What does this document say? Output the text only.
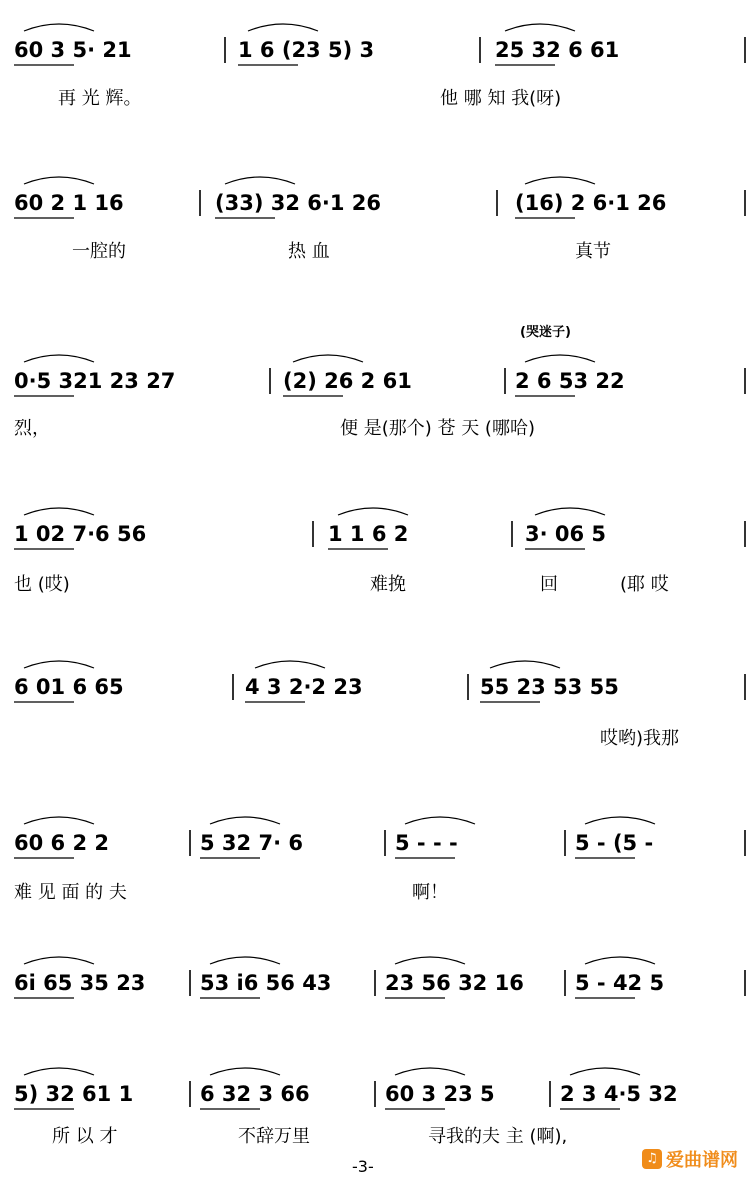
60 3 5· 21	1 6 (23 5) 3	25 32 6 61
再 光 辉。	他 哪 知 我(呀)
60 2 1 16	(33) 32 6·1 26	(16) 2 6·1 26
一腔的	热 血	真节
0·5 321 23 27	(2) 26 2 61	2 6 53 22
(哭迷子)
烈，	便 是(那个) 苍 天 (哪哈)
1 02 7·6 56	1 1 6 2	3· 06 5
也 (哎)	难挽	回	(耶 哎
6 01 6 65	4 3 2·2 23	55 23 53 55
哎哟)我那
60 6 2 2	5 32 7· 6	5 - - -	5 - (5 -
难 见 面 的 夫	啊！
6i 65 35 23	53 i6 56 43	23 56 32 16 5 - 42 5
5) 32 61 1	6 32 3 66	60 3 23 5	2 3 4·5 32
所 以 才	不辞万里	寻我的夫 主 (啊),
-3-	♫ 爱曲谱网
